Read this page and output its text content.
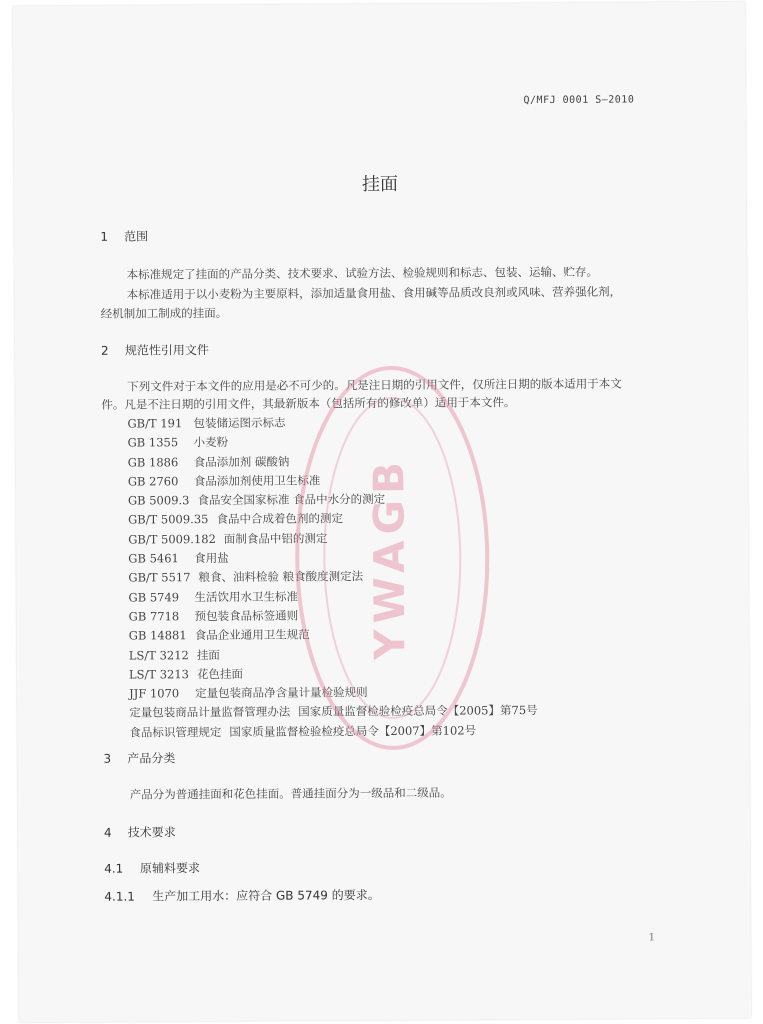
Q/MFJ 0001 S—2010
挂面
1 范围
本标准规定了挂面的产品分类、技术要求、试验方法、检验规则和标志、包装、运输、贮存。
本标准适用于以小麦粉为主要原料，添加适量食用盐、食用碱等品质改良剂或风味、营养强化剂，
经机制加工制成的挂面。
2 规范性引用文件
下列文件对于本文件的应用是必不可少的。凡是注日期的引用文件，仅所注日期的版本适用于本文
件。凡是不注日期的引用文件，其最新版本（包括所有的修改单）适用于本文件。
GB/T 191 包装储运图示标志
GB 1355 小麦粉
GB 1886 食品添加剂 碳酸钠
GB 2760 食品添加剂使用卫生标准
GB 5009.3 食品安全国家标准 食品中水分的测定
GB/T 5009.35 食品中合成着色剂的测定
GB/T 5009.182 面制食品中铝的测定
GB 5461 食用盐
GB/T 5517 粮食、油料检验 粮食酸度测定法
GB 5749 生活饮用水卫生标准
GB 7718 预包装食品标签通则
GB 14881 食品企业通用卫生规范
LS/T 3212 挂面
LS/T 3213 花色挂面
JJF 1070 定量包装商品净含量计量检验规则
定量包装商品计量监督管理办法 国家质量监督检验检疫总局令【2005】第75号
食品标识管理规定 国家质量监督检验检疫总局令【2007】第102号
3 产品分类
产品分为普通挂面和花色挂面。普通挂面分为一级品和二级品。
4 技术要求
4.1 原辅料要求
4.1.1 生产加工用水：应符合 GB 5749 的要求。
YWAGB
1
